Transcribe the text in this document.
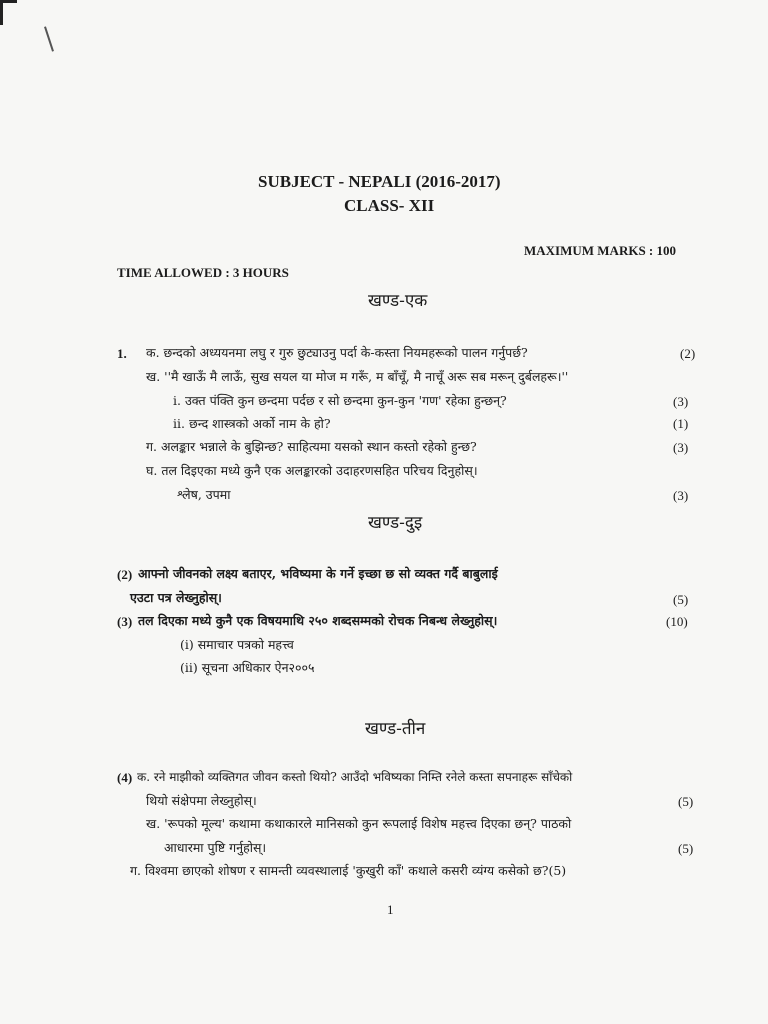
SUBJECT - NEPALI (2016-2017)
CLASS- XII
MAXIMUM MARKS : 100
TIME ALLOWED : 3 HOURS
खण्ड-एक
1. क. छन्दको अध्ययनमा लघु र गुरु छुट्याउनु पर्दा के-कस्ता नियमहरूको पालन गर्नुपर्छ?	(2)
ख. ''मै खाऊँ मै लाऊँ, सुख सयल या मोज म गरूँ, म बाँचूँ, मै नाचूँ अरू सब मरून् दुर्बलहरू।''
i. उक्त पंक्ति कुन छन्दमा पर्दछ र सो छन्दमा कुन-कुन 'गण' रहेका हुन्छन्?	(3)
ii. छन्द शास्त्रको अर्को नाम के हो?	(1)
ग. अलङ्कार भन्नाले के बुझिन्छ? साहित्यमा यसको स्थान कस्तो रहेको हुन्छ?	(3)
घ. तल दिइएका मध्ये कुनै एक अलङ्कारको उदाहरणसहित परिचय दिनुहोस्।
श्लेष, उपमा	(3)
खण्ड-दुइ
(2) आफ्नो जीवनको लक्ष्य बताएर, भविष्यमा के गर्ने इच्छा छ सो व्यक्त गर्दै बाबुलाई
एउटा पत्र लेख्नुहोस्।	(5)
(3) तल दिएका मध्ये कुनै एक विषयमाथि २५० शब्दसम्मको रोचक निबन्ध लेख्नुहोस्।	(10)
(i) समाचार पत्रको महत्त्व
(ii) सूचना अधिकार ऐन२००५
खण्ड-तीन
(4) क. रने माझीको व्यक्तिगत जीवन कस्तो थियो? आउँदो भविष्यका निम्ति रनेले कस्ता सपनाहरू साँचेको
थियो संक्षेपमा लेख्नुहोस्।	(5)
ख. 'रूपको मूल्य' कथामा कथाकारले मानिसको कुन रूपलाई विशेष महत्त्व दिएका छन्? पाठको
आधारमा पुष्टि गर्नुहोस्।	(5)
ग. विश्वमा छाएको शोषण र सामन्ती व्यवस्थालाई 'कुखुरी काँ' कथाले कसरी व्यंग्य कसेको छ?(5)
1
